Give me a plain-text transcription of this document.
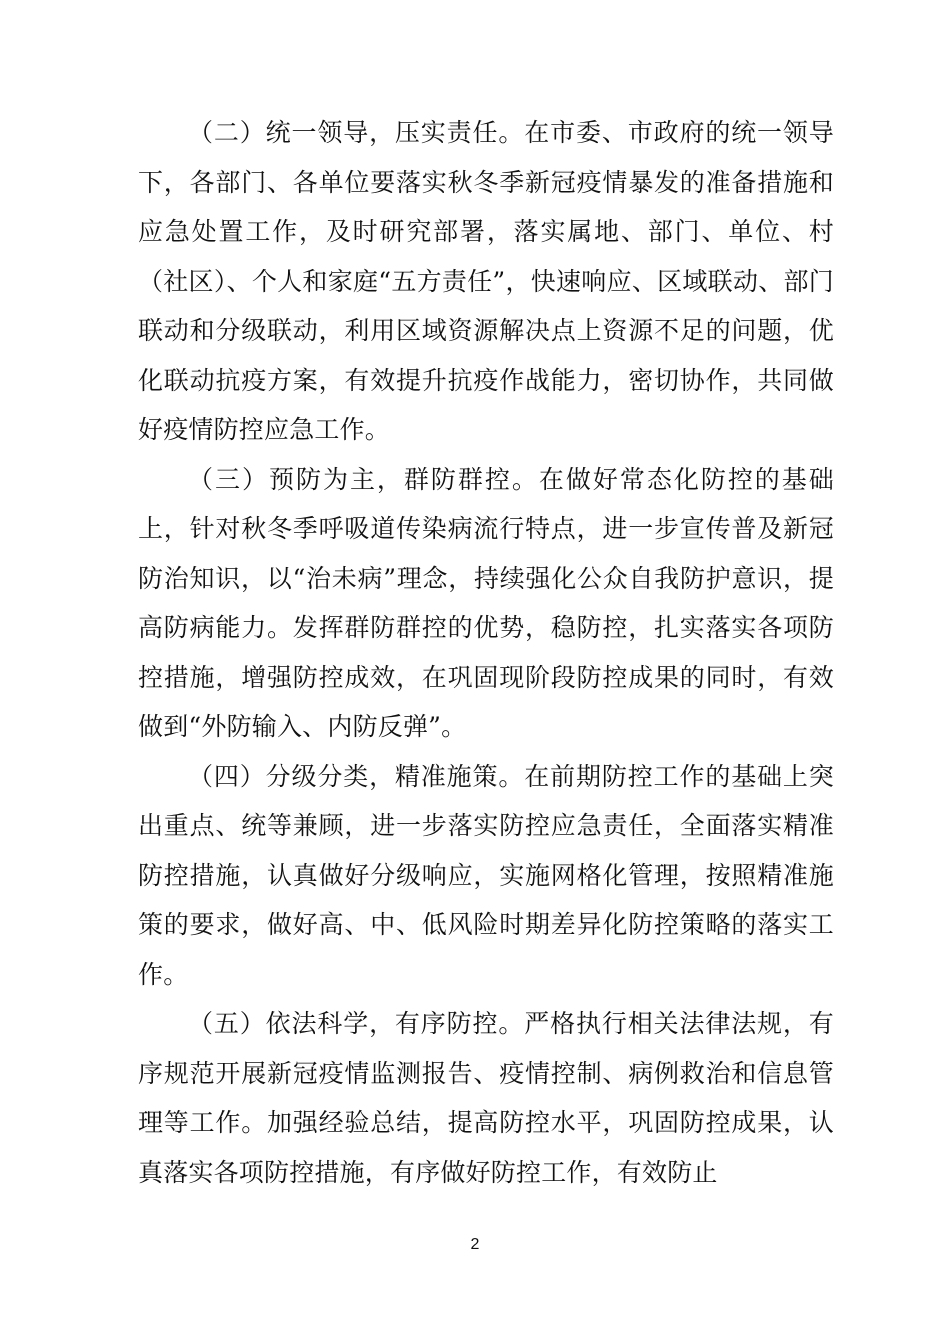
（二）统一领导，压实责任。在市委、市政府的统一领导下，各部门、各单位要落实秋冬季新冠疫情暴发的准备措施和应急处置工作，及时研究部署，落实属地、部门、单位、村（社区）、个人和家庭“五方责任”，快速响应、区域联动、部门联动和分级联动，利用区域资源解决点上资源不足的问题，优化联动抗疫方案，有效提升抗疫作战能力，密切协作，共同做好疫情防控应急工作。

（三）预防为主，群防群控。在做好常态化防控的基础上，针对秋冬季呼吸道传染病流行特点，进一步宣传普及新冠防治知识，以“治未病”理念，持续强化公众自我防护意识，提高防病能力。发挥群防群控的优势，稳防控，扎实落实各项防控措施，增强防控成效，在巩固现阶段防控成果的同时，有效做到“外防输入、内防反弹”。

（四）分级分类，精准施策。在前期防控工作的基础上突出重点、统等兼顾，进一步落实防控应急责任，全面落实精准防控措施，认真做好分级响应，实施网格化管理，按照精准施策的要求，做好高、中、低风险时期差异化防控策略的落实工作。

（五）依法科学，有序防控。严格执行相关法律法规，有序规范开展新冠疫情监测报告、疫情控制、病例救治和信息管理等工作。加强经验总结，提高防控水平，巩固防控成果，认真落实各项防控措施，有序做好防控工作，有效防止

2
